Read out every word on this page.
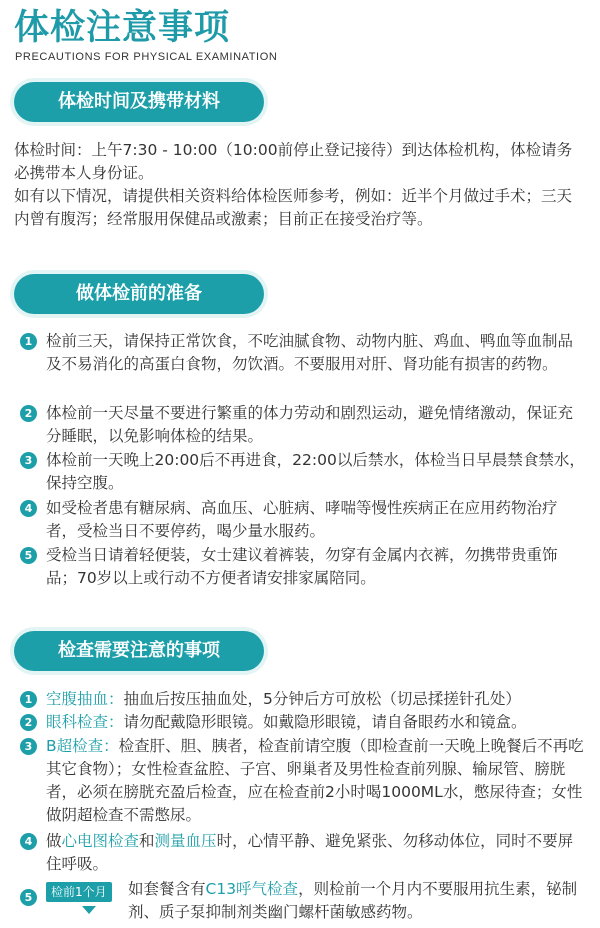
体检注意事项
PRECAUTIONS FOR PHYSICAL EXAMINATION
体检时间及携带材料

体检时间：上午7:30 - 10:00（10:00前停止登记接待）到达体检机构，体检请务必携带本人身份证。

如有以下情况，请提供相关资料给体检医师参考，例如：近半个月做过手术；三天内曾有腹泻；经常服用保健品或激素；目前正在接受治疗等。

做体检前的准备
1 检前三天，请保持正常饮食，不吃油腻食物、动物内脏、鸡血、鸭血等血制品及不易消化的高蛋白食物，勿饮酒。不要服用对肝、肾功能有损害的药物。
2 体检前一天尽量不要进行繁重的体力劳动和剧烈运动，避免情绪激动，保证充分睡眠，以免影响体检的结果。
3 体检前一天晚上20:00后不再进食，22:00以后禁水，体检当日早晨禁食禁水，保持空腹。
4 如受检者患有糖尿病、高血压、心脏病、哮喘等慢性疾病正在应用药物治疗者，受检当日不要停药，喝少量水服药。
5 受检当日请着轻便装，女士建议着裤装，勿穿有金属内衣裤，勿携带贵重饰品；70岁以上或行动不方便者请安排家属陪同。
检查需要注意的事项
1 空腹抽血：抽血后按压抽血处，5分钟后方可放松（切忌揉搓针孔处）
2 眼科检查：请勿配戴隐形眼镜。如戴隐形眼镜，请自备眼药水和镜盒。
3 B超检查：检查肝、胆、胰者，检查前请空腹（即检查前一天晚上晚餐后不再吃其它食物）；女性检查盆腔、子宫、卵巢者及男性检查前列腺、输尿管、膀胱者，必须在膀胱充盈后检查，应在检查前2小时喝1000ML水，憋尿待查；女性做阴超检查不需憋尿。
4 做心电图检查和测量血压时，心情平静、避免紧张、勿移动体位，同时不要屏住呼吸。
5	检前1个月	如套餐含有C13呼气检查，则检前一个月内不要服用抗生素，铋制剂、质子泵抑制剂类幽门螺杆菌敏感药物。
